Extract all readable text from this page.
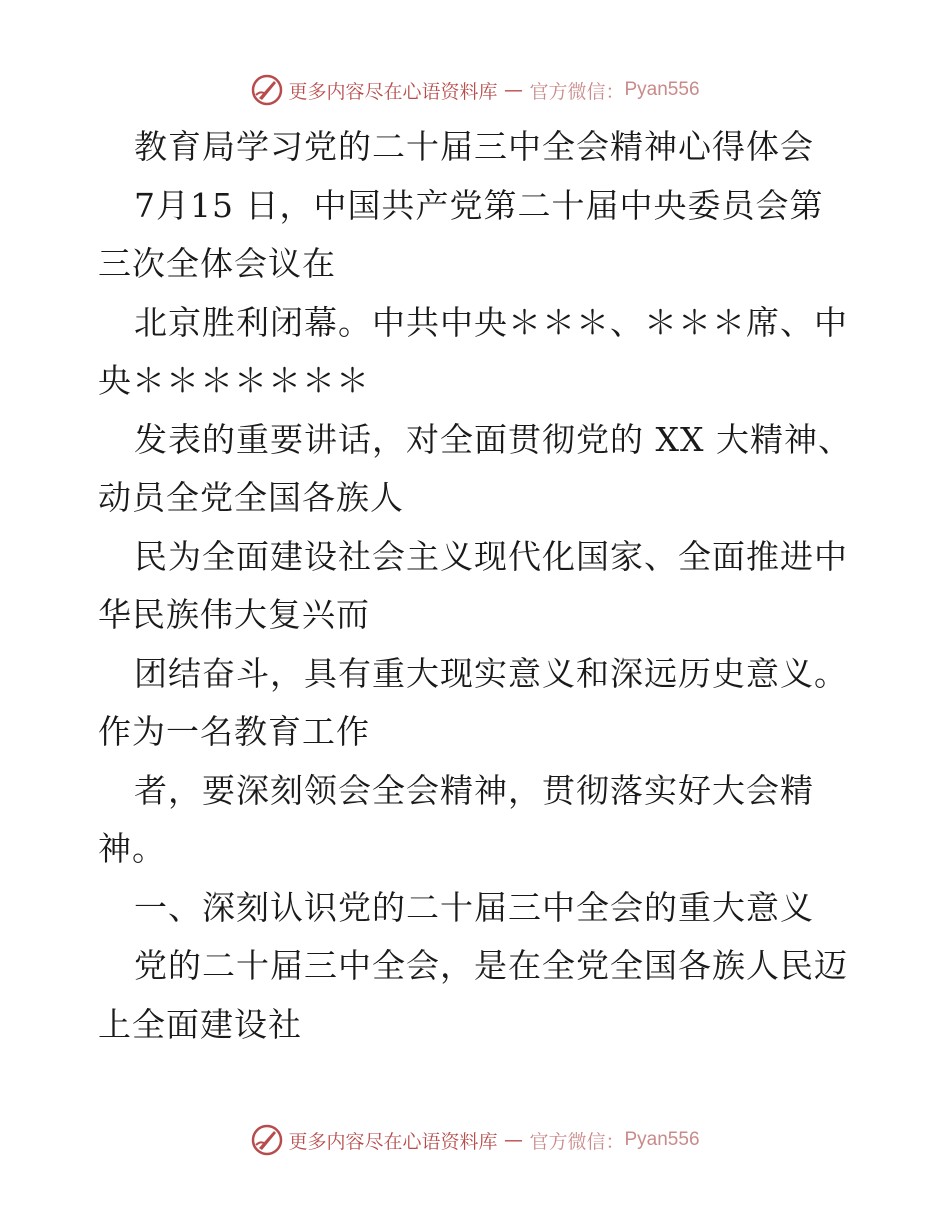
更多内容尽在心语资料库 — 官方微信： Pyan556
教育局学习党的二十届三中全会精神心得体会
7月15 日，中国共产党第二十届中央委员会第
三次全体会议在
北京胜利闭幕。中共中央＊＊＊、＊＊＊席、中
央＊＊＊＊＊＊＊
发表的重要讲话，对全面贯彻党的 XX 大精神、
动员全党全国各族人
民为全面建设社会主义现代化国家、全面推进中
华民族伟大复兴而
团结奋斗，具有重大现实意义和深远历史意义。
作为一名教育工作
者，要深刻领会全会精神，贯彻落实好大会精
神。
一、深刻认识党的二十届三中全会的重大意义
党的二十届三中全会，是在全党全国各族人民迈
上全面建设社
更多内容尽在心语资料库 — 官方微信： Pyan556
